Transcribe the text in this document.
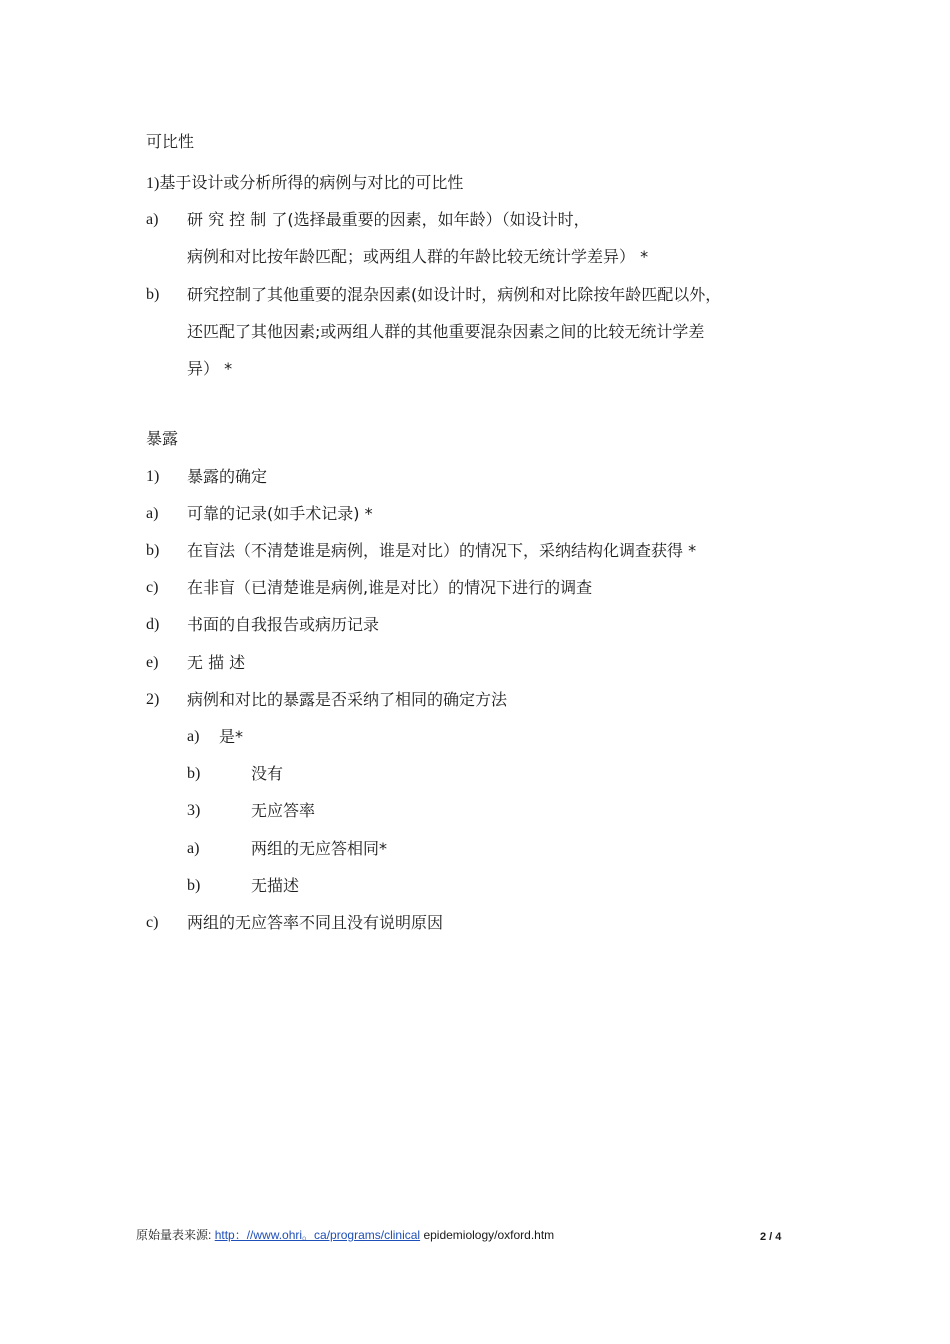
可比性
1)基于设计或分析所得的病例与对比的可比性
a) 研 究 控 制 了(选择最重要的因素，如年龄）（如设计时，
病例和对比按年龄匹配；或两组人群的年龄比较无统计学差异） *
b) 研究控制了其他重要的混杂因素(如设计时，病例和对比除按年龄匹配以外，
还匹配了其他因素;或两组人群的其他重要混杂因素之间的比较无统计学差
异） *
暴露
1) 暴露的确定
a) 可靠的记录(如手术记录) *
b) 在盲法（不清楚谁是病例，谁是对比）的情况下，采纳结构化调查获得 *
c) 在非盲（已清楚谁是病例,谁是对比）的情况下进行的调查
d) 书面的自我报告或病历记录
e) 无 描 述
2) 病例和对比的暴露是否采纳了相同的确定方法
a) 是*
b)	没有
3)	无应答率
a)	两组的无应答相同*
b)	无描述
c) 两组的无应答率不同且没有说明原因
原始量表来源: http：//www.ohri。ca/programs/clinical epidemiology/oxford.htm	2 / 4
